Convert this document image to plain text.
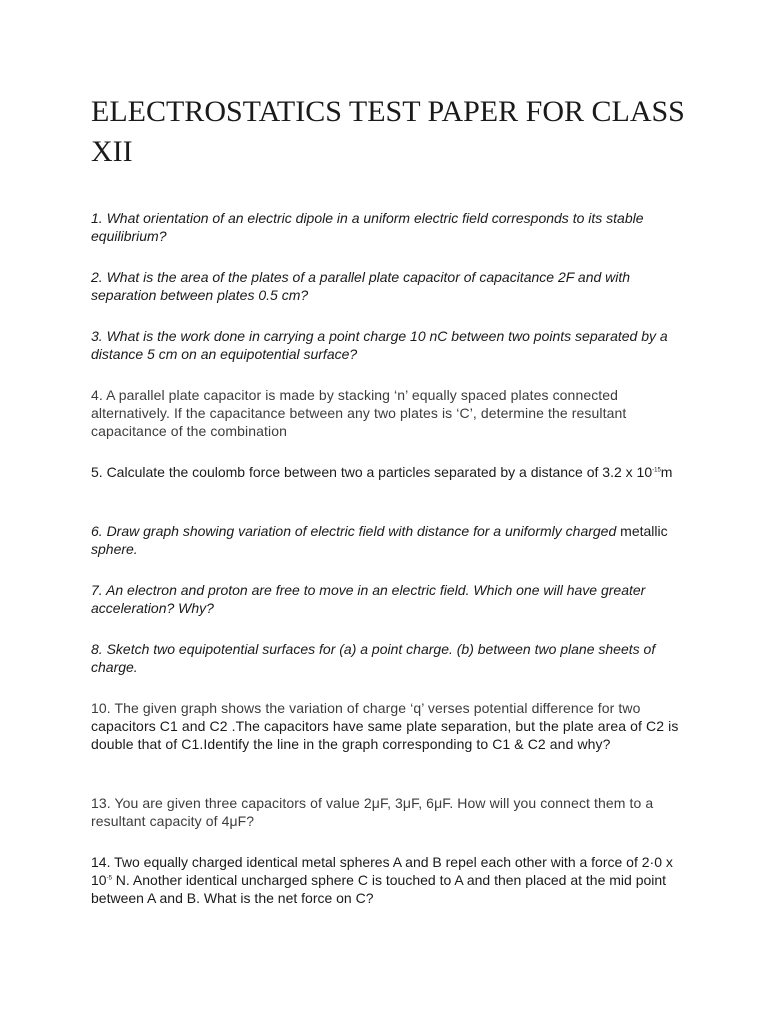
ELECTROSTATICS TEST PAPER FOR CLASS XII

1. What orientation of an electric dipole in a uniform electric field corresponds to its stable equilibrium?

2. What is the area of the plates of a parallel plate capacitor of capacitance 2F and with separation between plates 0.5 cm?

3. What is the work done in carrying a point charge 10 nC between two points separated by a distance 5 cm on an equipotential surface?

4. A parallel plate capacitor is made by stacking ‘n’ equally spaced plates connected alternatively. If the capacitance between any two plates is ‘C’, determine the resultant capacitance of the combination

5. Calculate the coulomb force between two a particles separated by a distance of 3.2 x $10^{-15}m$

6. Draw graph showing variation of electric field with distance for a uniformly charged metallic sphere.

7. An electron and proton are free to move in an electric field. Which one will have greater acceleration? Why?

8. Sketch two equipotential surfaces for (a) a point charge. (b) between two plane sheets of charge.

10. The given graph shows the variation of charge ‘q’ verses potential difference for two capacitors C1 and C2 .The capacitors have same plate separation, but the plate area of C2 is double that of C1.Identify the line in the graph corresponding to C1 & C2 and why?

13. You are given three capacitors of value 2μF, 3μF, 6μF. How will you connect them to a resultant capacity of 4μF?

14. Two equally charged identical metal spheres A and B repel each other with a force of 2·0 x $10^{-5}$ N. Another identical uncharged sphere C is touched to A and then placed at the mid point between A and B. What is the net force on C?
